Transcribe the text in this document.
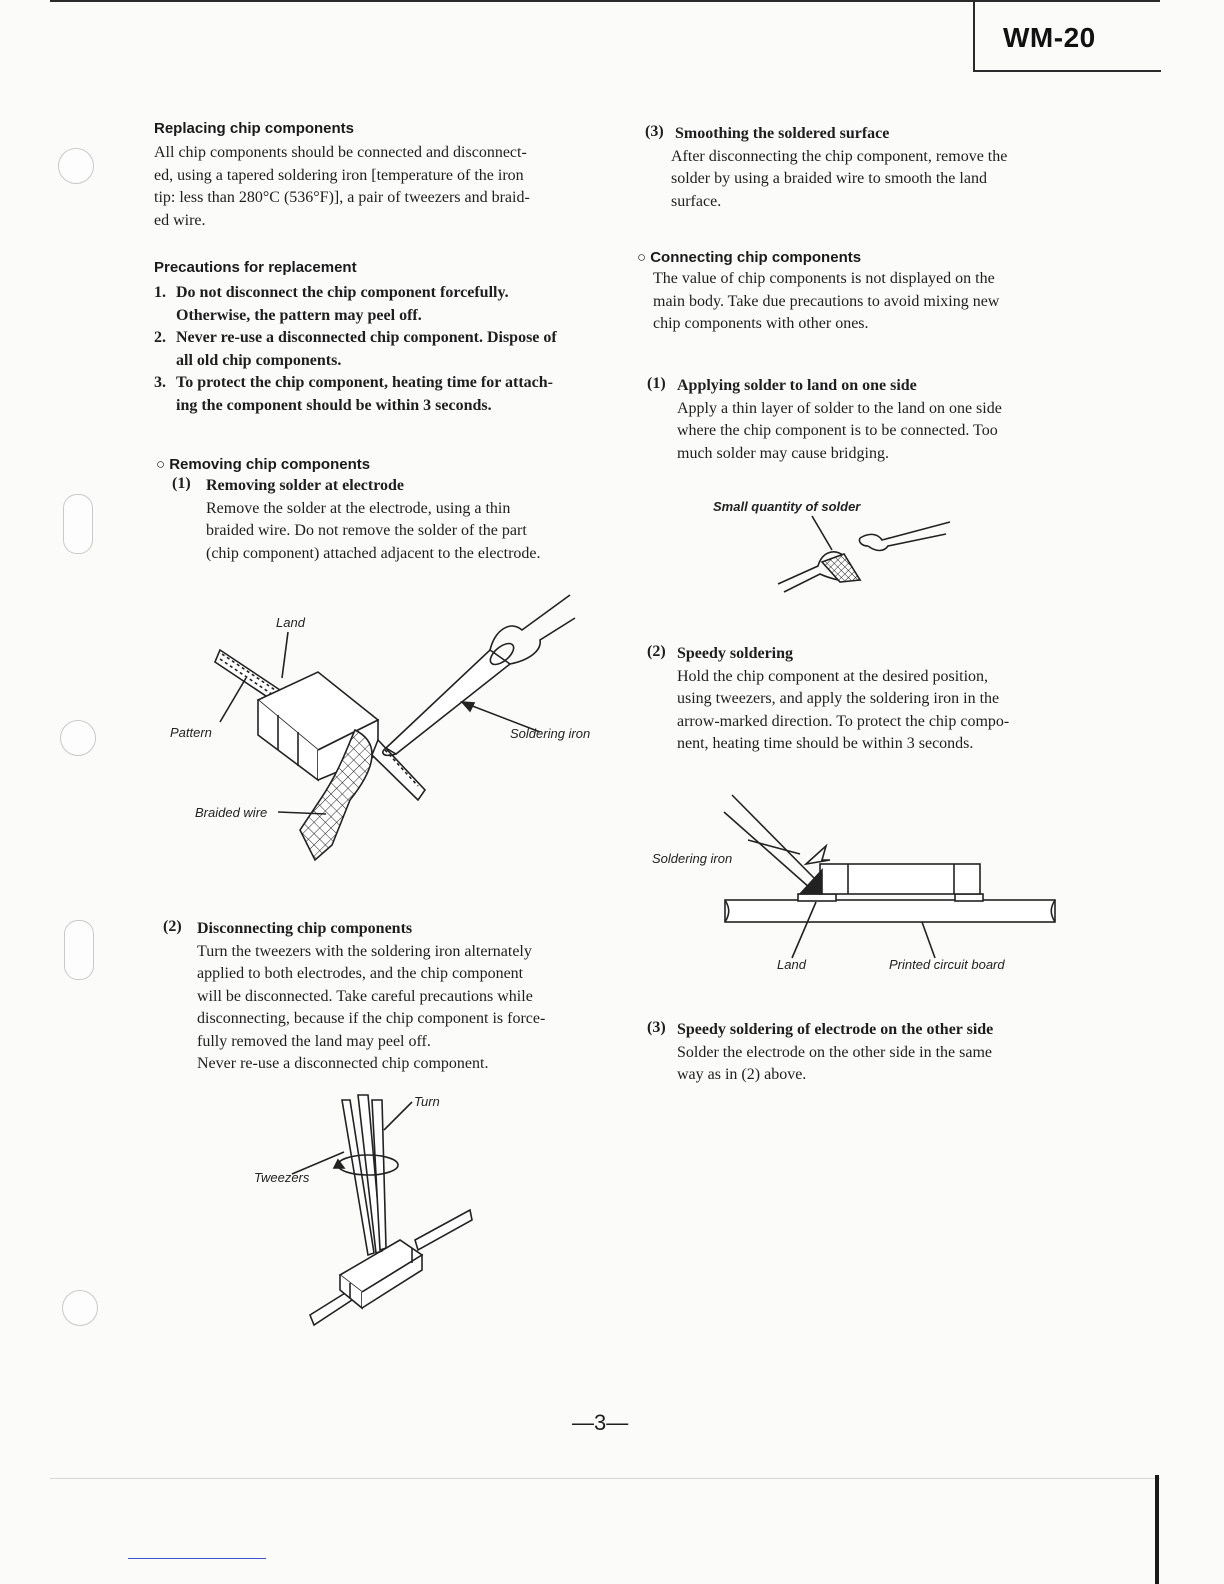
WM-20
Replacing chip components
All chip components should be connected and disconnect-
ed, using a tapered soldering iron [temperature of the iron
tip: less than 280°C (536°F)], a pair of tweezers and braid-
ed wire.
Precautions for replacement
1. Do not disconnect the chip component forcefully.
Otherwise, the pattern may peel off.
2. Never re-use a disconnected chip component. Dispose of
all old chip components.
3. To protect the chip component, heating time for attach-
ing the component should be within 3 seconds.
○ Removing chip components
(1) Removing solder at electrode
Remove the solder at the electrode, using a thin
braided wire. Do not remove the solder of the part
(chip component) attached adjacent to the electrode.
Land
Pattern	Soldering iron
Braided wire
(2) Disconnecting chip components
Turn the tweezers with the soldering iron alternately
applied to both electrodes, and the chip component
will be disconnected. Take careful precautions while
disconnecting, because if the chip component is force-
fully removed the land may peel off.
Never re-use a disconnected chip component.
Turn
Tweezers
(3) Smoothing the soldered surface
After disconnecting the chip component, remove the
solder by using a braided wire to smooth the land
surface.
○ Connecting chip components
The value of chip components is not displayed on the
main body. Take due precautions to avoid mixing new
chip components with other ones.
(1) Applying solder to land on one side
Apply a thin layer of solder to the land on one side
where the chip component is to be connected. Too
much solder may cause bridging.
Small quantity of solder
(2) Speedy soldering
Hold the chip component at the desired position,
using tweezers, and apply the soldering iron in the
arrow-marked direction. To protect the chip compo-
nent, heating time should be within 3 seconds.
Soldering iron
Land	Printed circuit board
(3) Speedy soldering of electrode on the other side
Solder the electrode on the other side in the same
way as in (2) above.
—3—
